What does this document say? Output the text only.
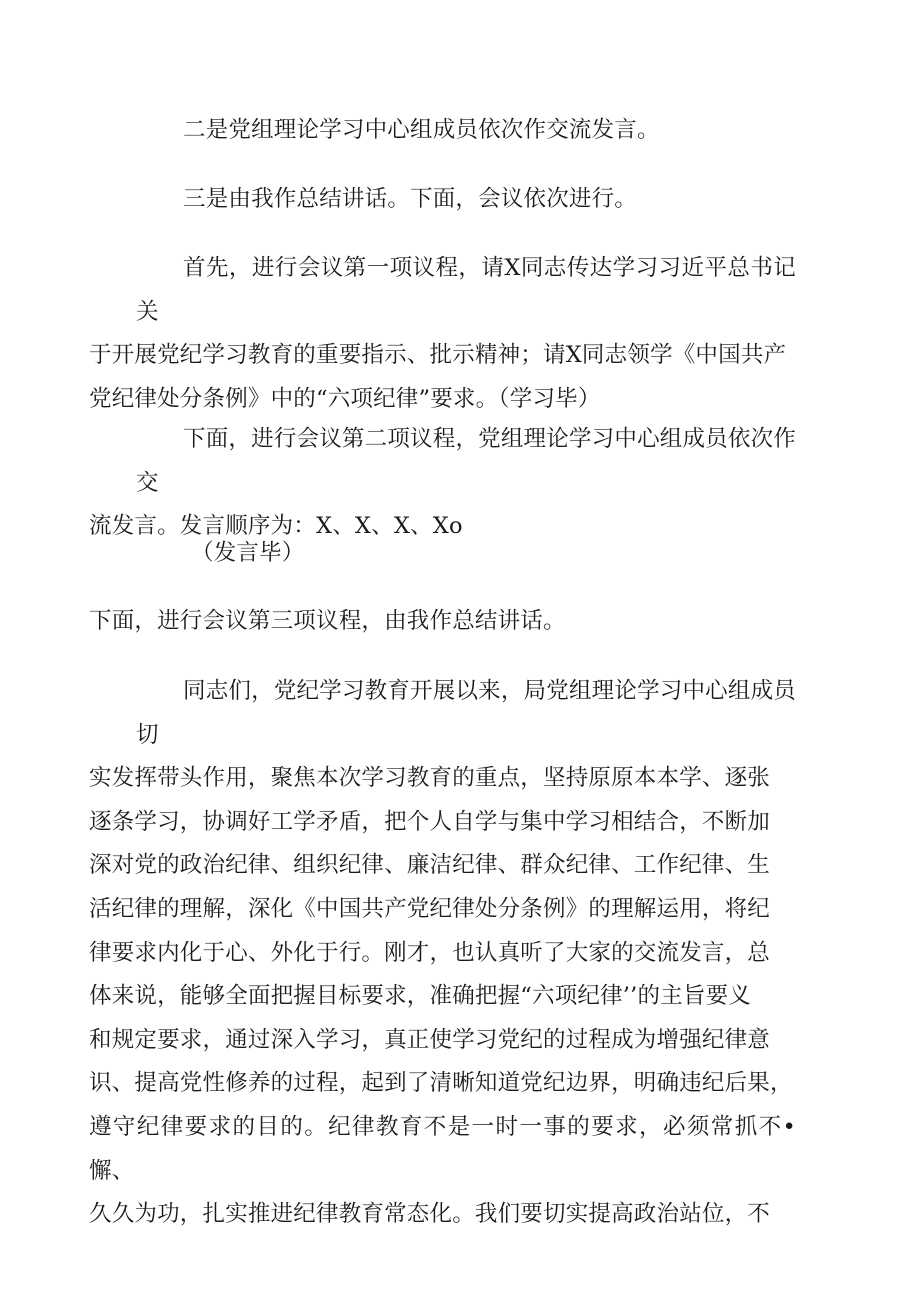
二是党组理论学习中心组成员依次作交流发言。

三是由我作总结讲话。下面，会议依次进行。

首先，进行会议第一项议程，请X同志传达学习习近平总书记关
于开展党纪学习教育的重要指示、批示精神；请X同志领学《中国共产
党纪律处分条例》中的“六项纪律”要求。（学习毕）

下面，进行会议第二项议程，党组理论学习中心组成员依次作交
流发言。发言顺序为：X、X、X、Xo

（发言毕）

下面，进行会议第三项议程，由我作总结讲话。

同志们，党纪学习教育开展以来，局党组理论学习中心组成员切
实发挥带头作用，聚焦本次学习教育的重点，坚持原原本本学、逐张
逐条学习，协调好工学矛盾，把个人自学与集中学习相结合，不断加
深对党的政治纪律、组织纪律、廉洁纪律、群众纪律、工作纪律、生
活纪律的理解，深化《中国共产党纪律处分条例》的理解运用，将纪
律要求内化于心、外化于行。刚才，也认真听了大家的交流发言，总
体来说，能够全面把握目标要求，准确把握“六项纪律’’的主旨要义
和规定要求，通过深入学习，真正使学习党纪的过程成为增强纪律意
识、提高党性修养的过程，起到了清晰知道党纪边界，明确违纪后果，
遵守纪律要求的目的。纪律教育不是一时一事的要求，必须常抓不•懈、
久久为功，扎实推进纪律教育常态化。我们要切实提高政治站位，不
